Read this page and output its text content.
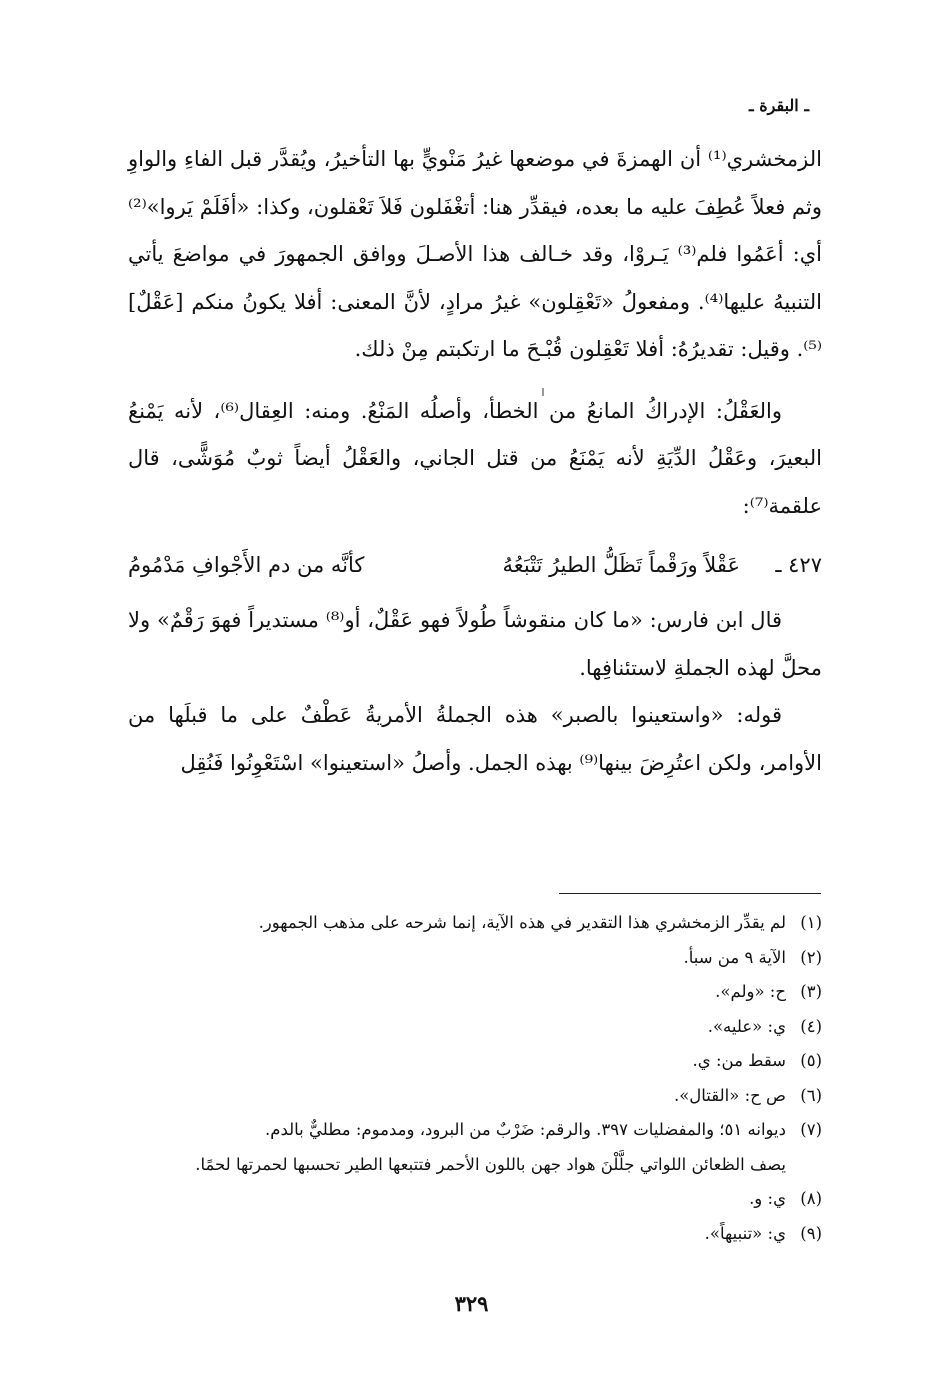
ـ البقرة ـ

الزمخشري⁽¹⁾ أن الهمزةَ في موضعها غيرُ مَنْويٍّ بها التأخيرُ، ويُقدَّر قبل الفاءِ والواوِ وثم فعلاً عُطِفَ عليه ما بعده، فيقدِّر هنا: أتغْفَلون فَلاَ تَعْقلون، وكذا: «أفَلَمْ يَروا»⁽²⁾ أي: أعَمُوا فلم⁽³⁾ يَـروْا، وقد خـالف هذا الأصـلَ ووافق الجمهورَ في مواضعَ يأتي التنبيهُ عليها⁽⁴⁾. ومفعولُ «تَعْقِلون» غيرُ مرادٍ، لأنَّ المعنى: أفلا يكونُ منكم [عَقْلٌ]⁽⁵⁾. وقيل: تقديرُهُ: أفلا تَعْقِلون قُبْـحَ ما ارتكبتم مِنْ ذلك.

والعَقْلُ: الإدراكُ المانعُ من الخطأ، وأصلُه المَنْعُ. ومنه: العِقال⁽⁶⁾، لأنه يَمْنعُ البعيرَ، وعَقْلُ الدِّيَةِ لأنه يَمْنَعُ من قتل الجاني، والعَقْلُ أيضاً ثوبٌ مُوَشًّى، قال علقمة⁽⁷⁾:

٤٢٧ ـ
عَقْلاً ورَقْماً تَظَلُّ الطيرُ تَتْبَعُهُ
كأنَّه من دم الأَجْوافِ مَدْمُومُ

قال ابن فارس: «ما كان منقوشاً طُولاً فهو عَقْلٌ، أو⁽⁸⁾ مستديراً فهوَ رَقْمٌ» ولا محلَّ لهذه الجملةِ لاستئنافِها.

قوله: «واستعينوا بالصبر» هذه الجملةُ الأمريةُ عَطْفٌ على ما قبلَها من الأوامر، ولكن اعتُرِضَ بينها⁽⁹⁾ بهذه الجمل. وأصلُ «استعينوا» اسْتَعْوِنُوا فَنُقِل

(١)
لم يقدِّر الزمخشري هذا التقدير في هذه الآية، إنما شرحه على مذهب الجمهور.
(٢)
الآية ٩ من سبأ.
(٣)
ح: «ولم».
(٤)
ي: «عليه».
(٥)
سقط من: ي.
(٦)
ص ح: «القتال».
(٧)
ديوانه ٥١؛ والمفضليات ٣٩٧. والرقم: ضَرْبٌ من البرود، ومدموم: مطليٌّ بالدم.
يصف الظعائن اللواتي جلَّلْنَ هواد جهن باللون الأحمر فتتبعها الطير تحسبها لحمرتها لحمًا.
(٨)
ي: و.
(٩)
ي: «تنبيهاً».
٣٢٩
